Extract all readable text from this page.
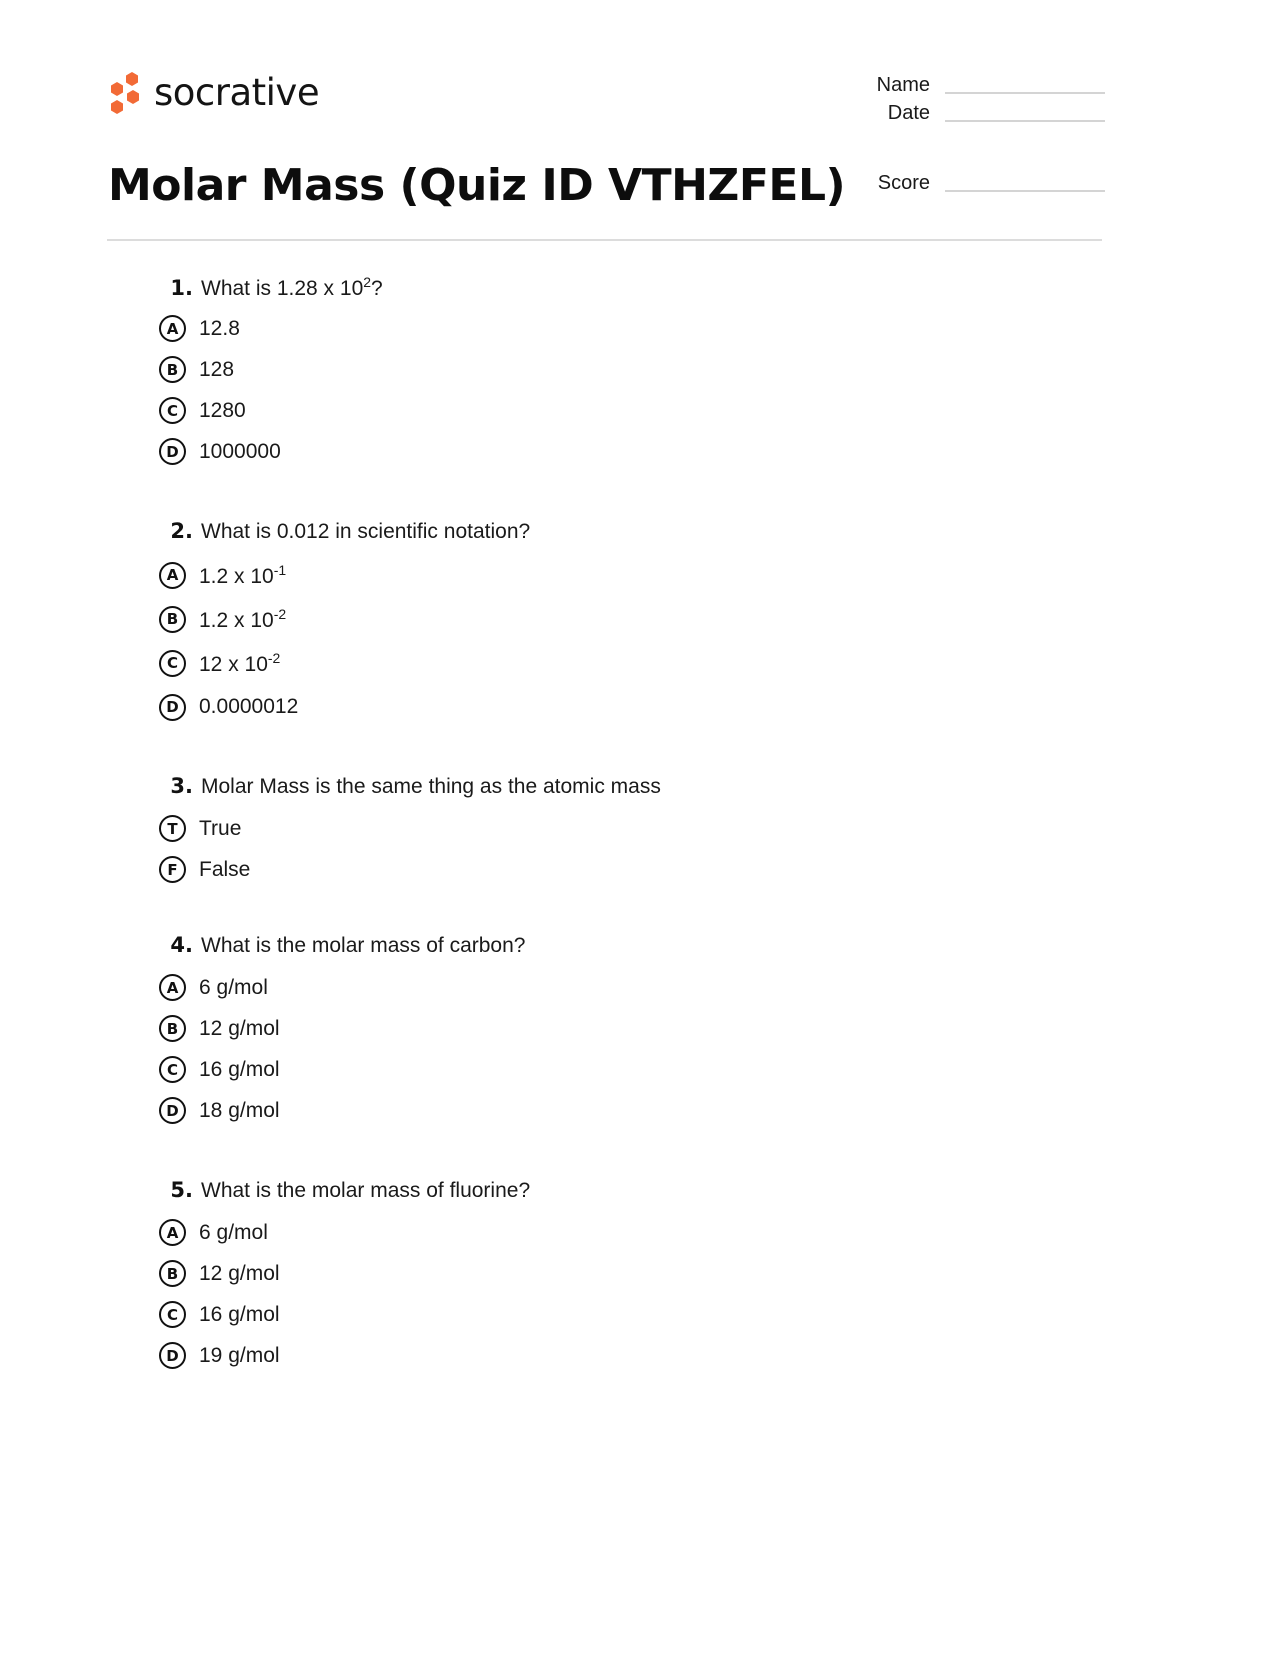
socrative	Name
Date
Score
Molar Mass (Quiz ID VTHZFEL)
1. What is 1.28 x $10^2$?
A 12.8
B 128
C	1280
D 1000000
2. What is 0.012 in scientific notation?
A 1.2 x $10^{-1}$
B 1.2 x $10^{-2}$
C	12 x $10^{-2}$
D 0.0000012
3. Molar Mass is the same thing as the atomic mass
T	True
F	False
4. What is the molar mass of carbon?
A 6 g/mol
B 12 g/mol
C	16 g/mol
D 18 g/mol
5. What is the molar mass of fluorine?
A 6 g/mol
B 12 g/mol
C	16 g/mol
D 19 g/mol
